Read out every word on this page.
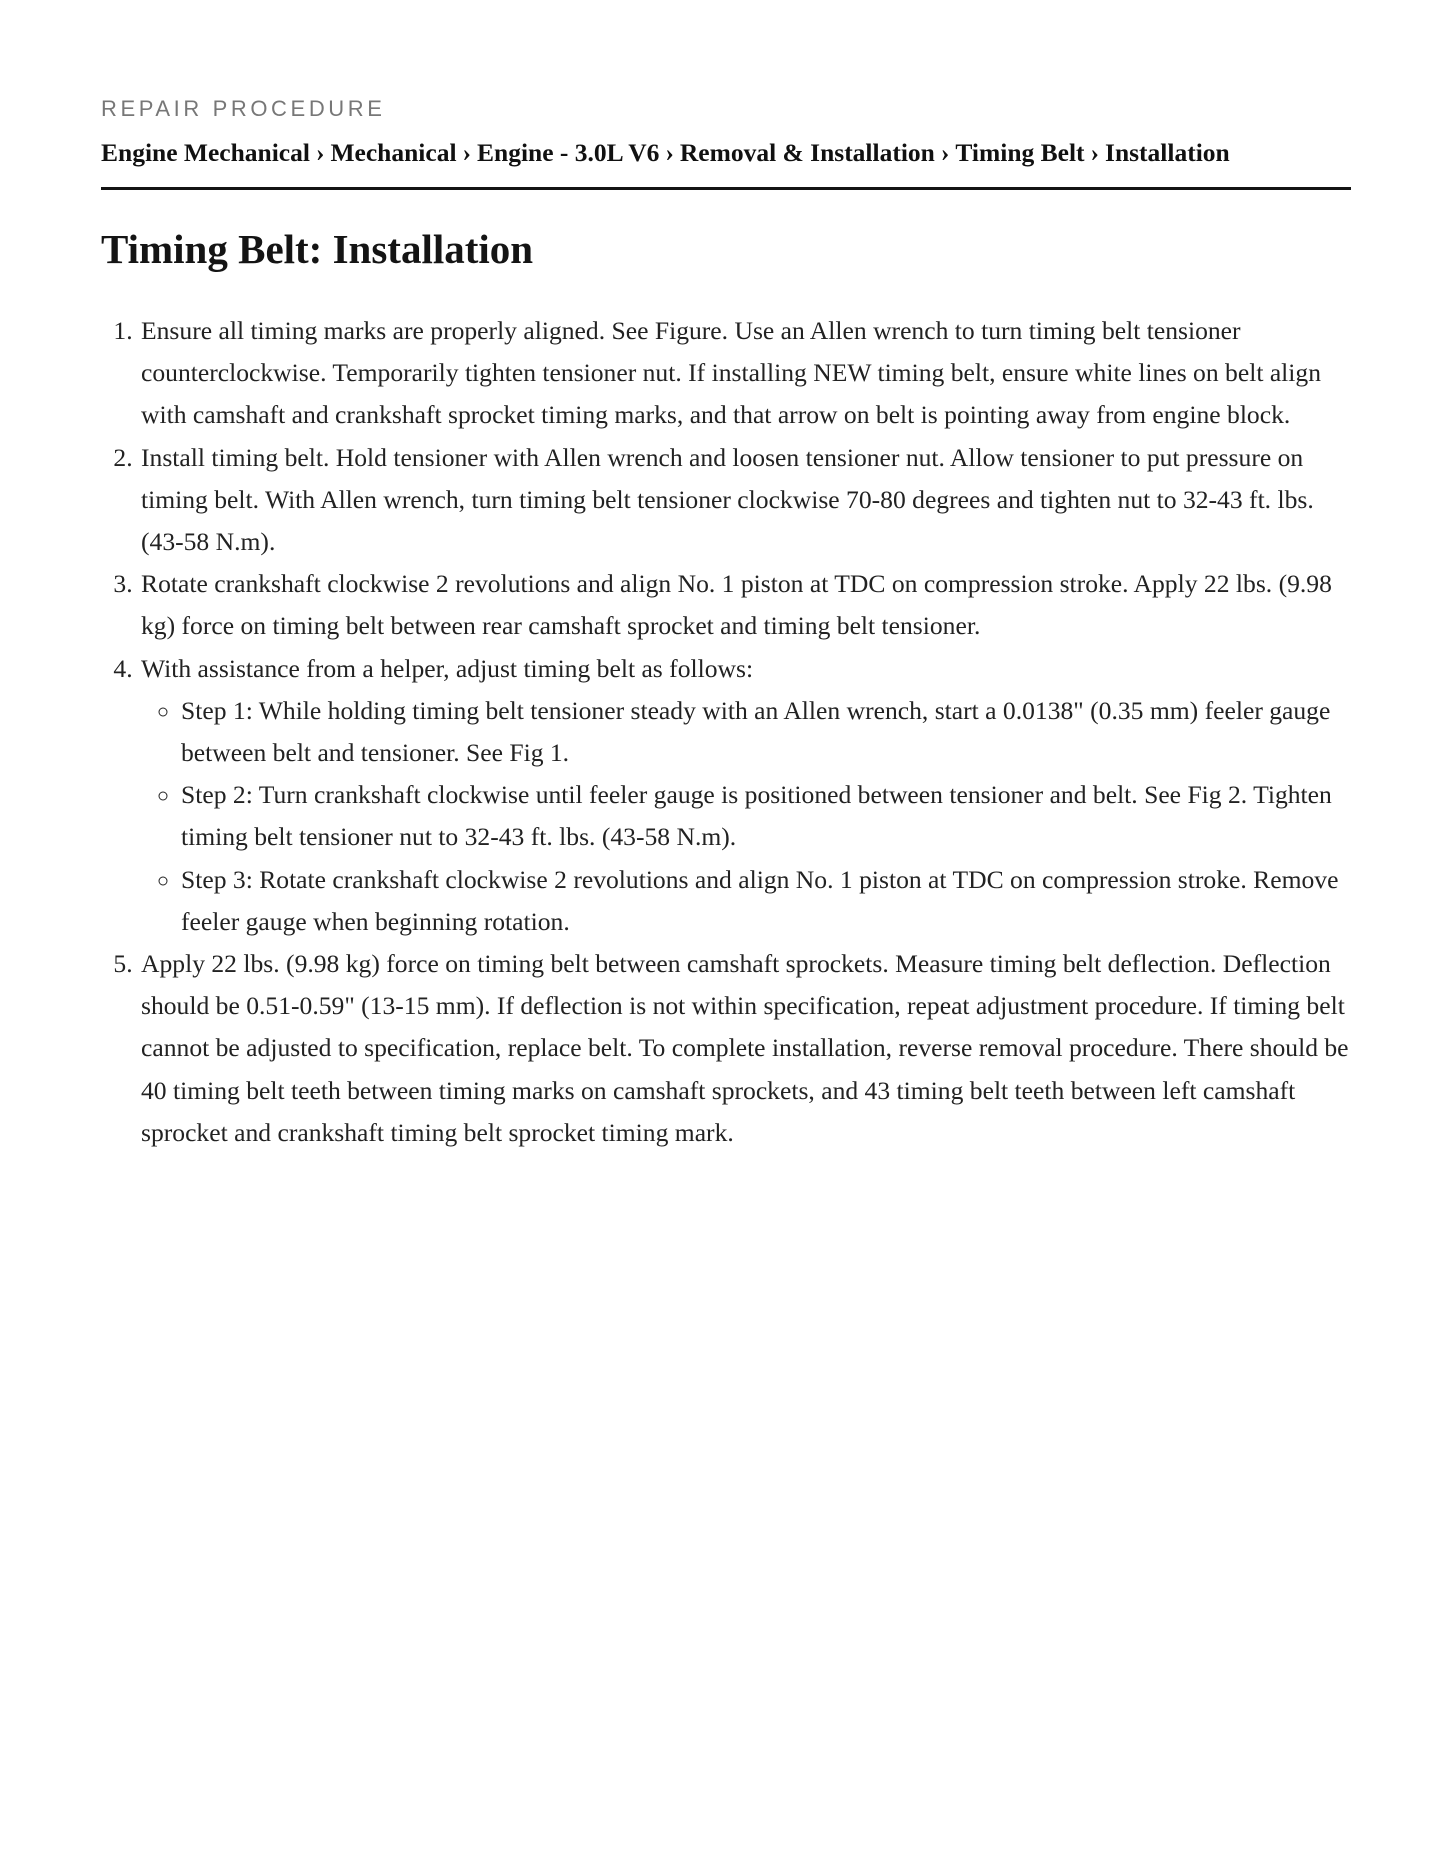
REPAIR PROCEDURE
Engine Mechanical › Mechanical › Engine - 3.0L V6 › Removal & Installation › Timing Belt › Installation
Timing Belt: Installation
1. Ensure all timing marks are properly aligned. See Figure. Use an Allen wrench to turn timing belt tensioner counterclockwise. Temporarily tighten tensioner nut. If installing NEW timing belt, ensure white lines on belt align with camshaft and crankshaft sprocket timing marks, and that arrow on belt is pointing away from engine block.
2. Install timing belt. Hold tensioner with Allen wrench and loosen tensioner nut. Allow tensioner to put pressure on timing belt. With Allen wrench, turn timing belt tensioner clockwise 70-80 degrees and tighten nut to 32-43 ft. lbs. (43-58 N.m).
3. Rotate crankshaft clockwise 2 revolutions and align No. 1 piston at TDC on compression stroke. Apply 22 lbs. (9.98 kg) force on timing belt between rear camshaft sprocket and timing belt tensioner.
4. With assistance from a helper, adjust timing belt as follows:
◦ Step 1: While holding timing belt tensioner steady with an Allen wrench, start a 0.0138" (0.35 mm) feeler gauge between belt and tensioner. See Fig 1.
◦ Step 2: Turn crankshaft clockwise until feeler gauge is positioned between tensioner and belt. See Fig 2. Tighten timing belt tensioner nut to 32-43 ft. lbs. (43-58 N.m).
◦ Step 3: Rotate crankshaft clockwise 2 revolutions and align No. 1 piston at TDC on compression stroke. Remove feeler gauge when beginning rotation.
5. Apply 22 lbs. (9.98 kg) force on timing belt between camshaft sprockets. Measure timing belt deflection. Deflection should be 0.51-0.59" (13-15 mm). If deflection is not within specification, repeat adjustment procedure. If timing belt cannot be adjusted to specification, replace belt. To complete installation, reverse removal procedure. There should be 40 timing belt teeth between timing marks on camshaft sprockets, and 43 timing belt teeth between left camshaft sprocket and crankshaft timing belt sprocket timing mark.
